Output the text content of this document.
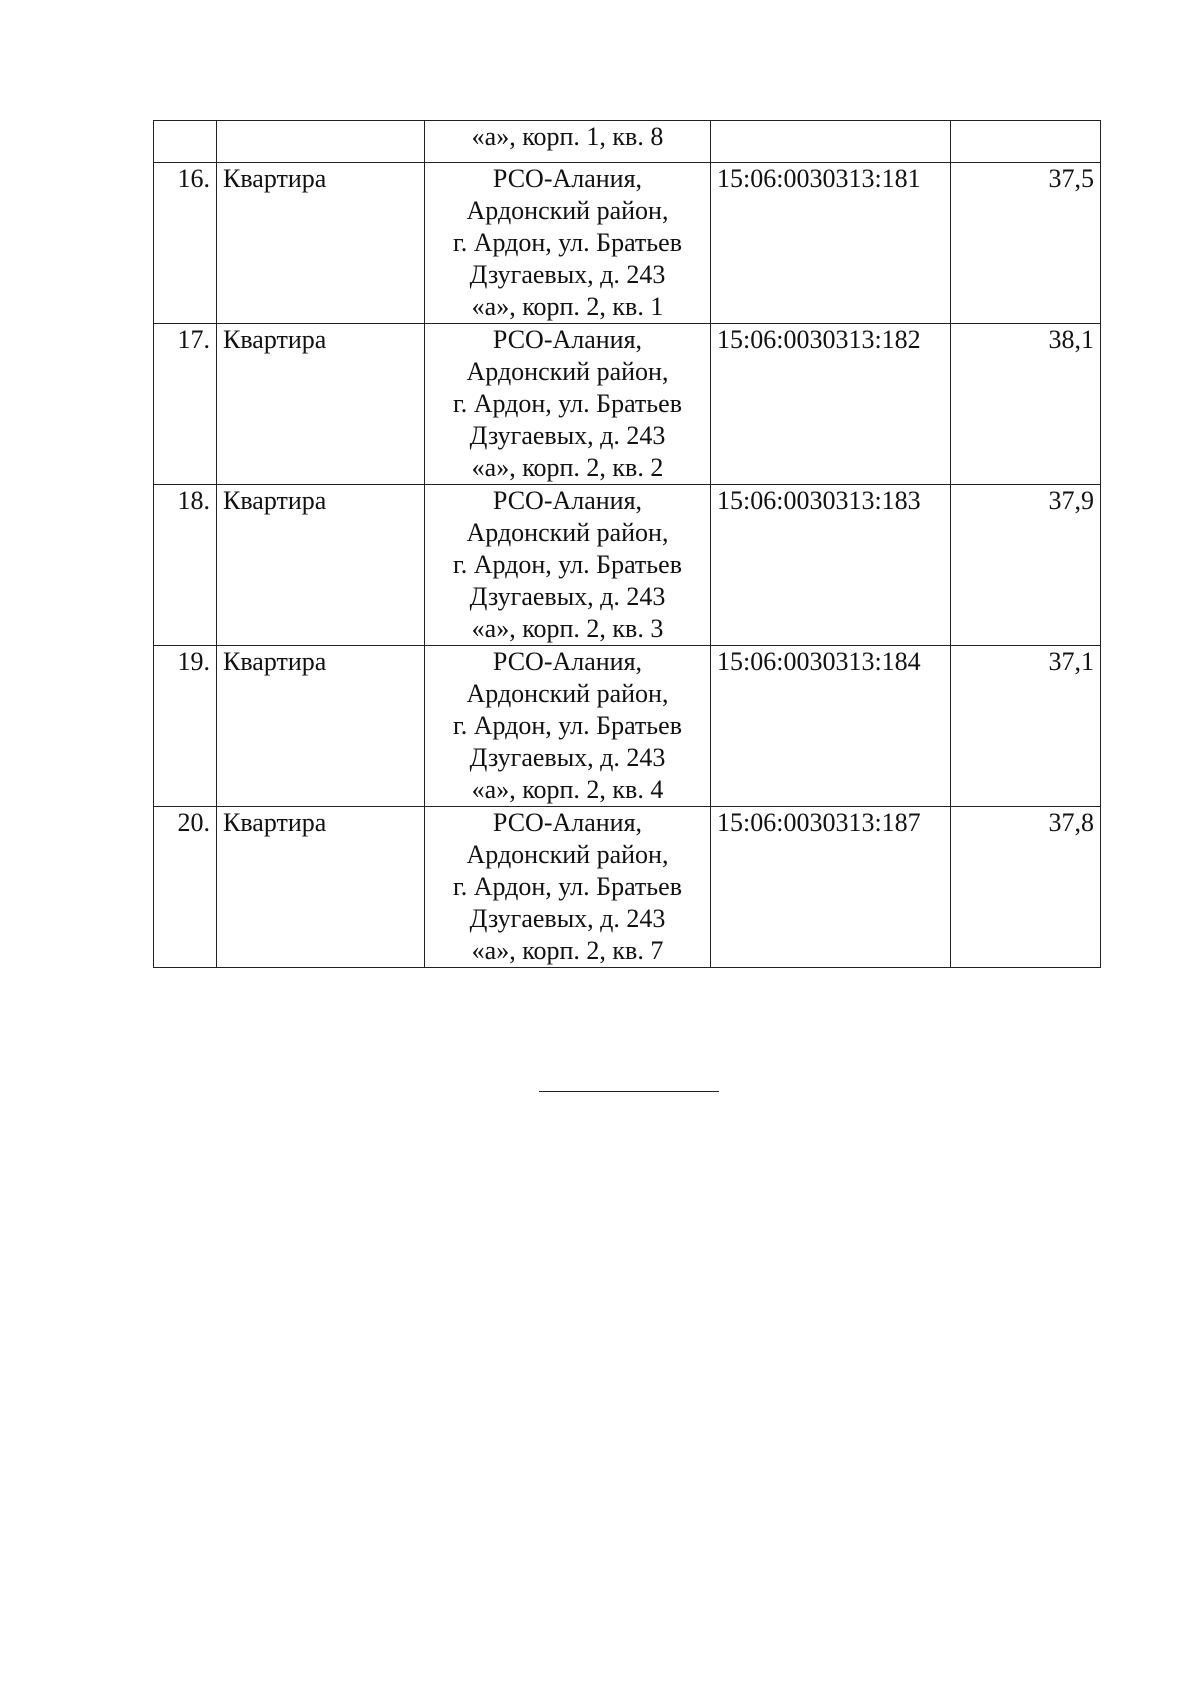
		«а», корп. 1, кв. 8		

16.	Квартира	РСО-Алания,
Ардонский район,
г. Ардон, ул. Братьев
Дзугаевых, д. 243
«а», корп. 2, кв. 1	15:06:0030313:181	37,5
17.	Квартира	РСО-Алания,
Ардонский район,
г. Ардон, ул. Братьев
Дзугаевых, д. 243
«а», корп. 2, кв. 2	15:06:0030313:182	38,1
18.	Квартира	РСО-Алания,
Ардонский район,
г. Ардон, ул. Братьев
Дзугаевых, д. 243
«а», корп. 2, кв. 3	15:06:0030313:183	37,9
19.	Квартира	РСО-Алания,
Ардонский район,
г. Ардон, ул. Братьев
Дзугаевых, д. 243
«а», корп. 2, кв. 4	15:06:0030313:184	37,1
20.	Квартира	РСО-Алания,
Ардонский район,
г. Ардон, ул. Братьев
Дзугаевых, д. 243
«а», корп. 2, кв. 7	15:06:0030313:187	37,8
